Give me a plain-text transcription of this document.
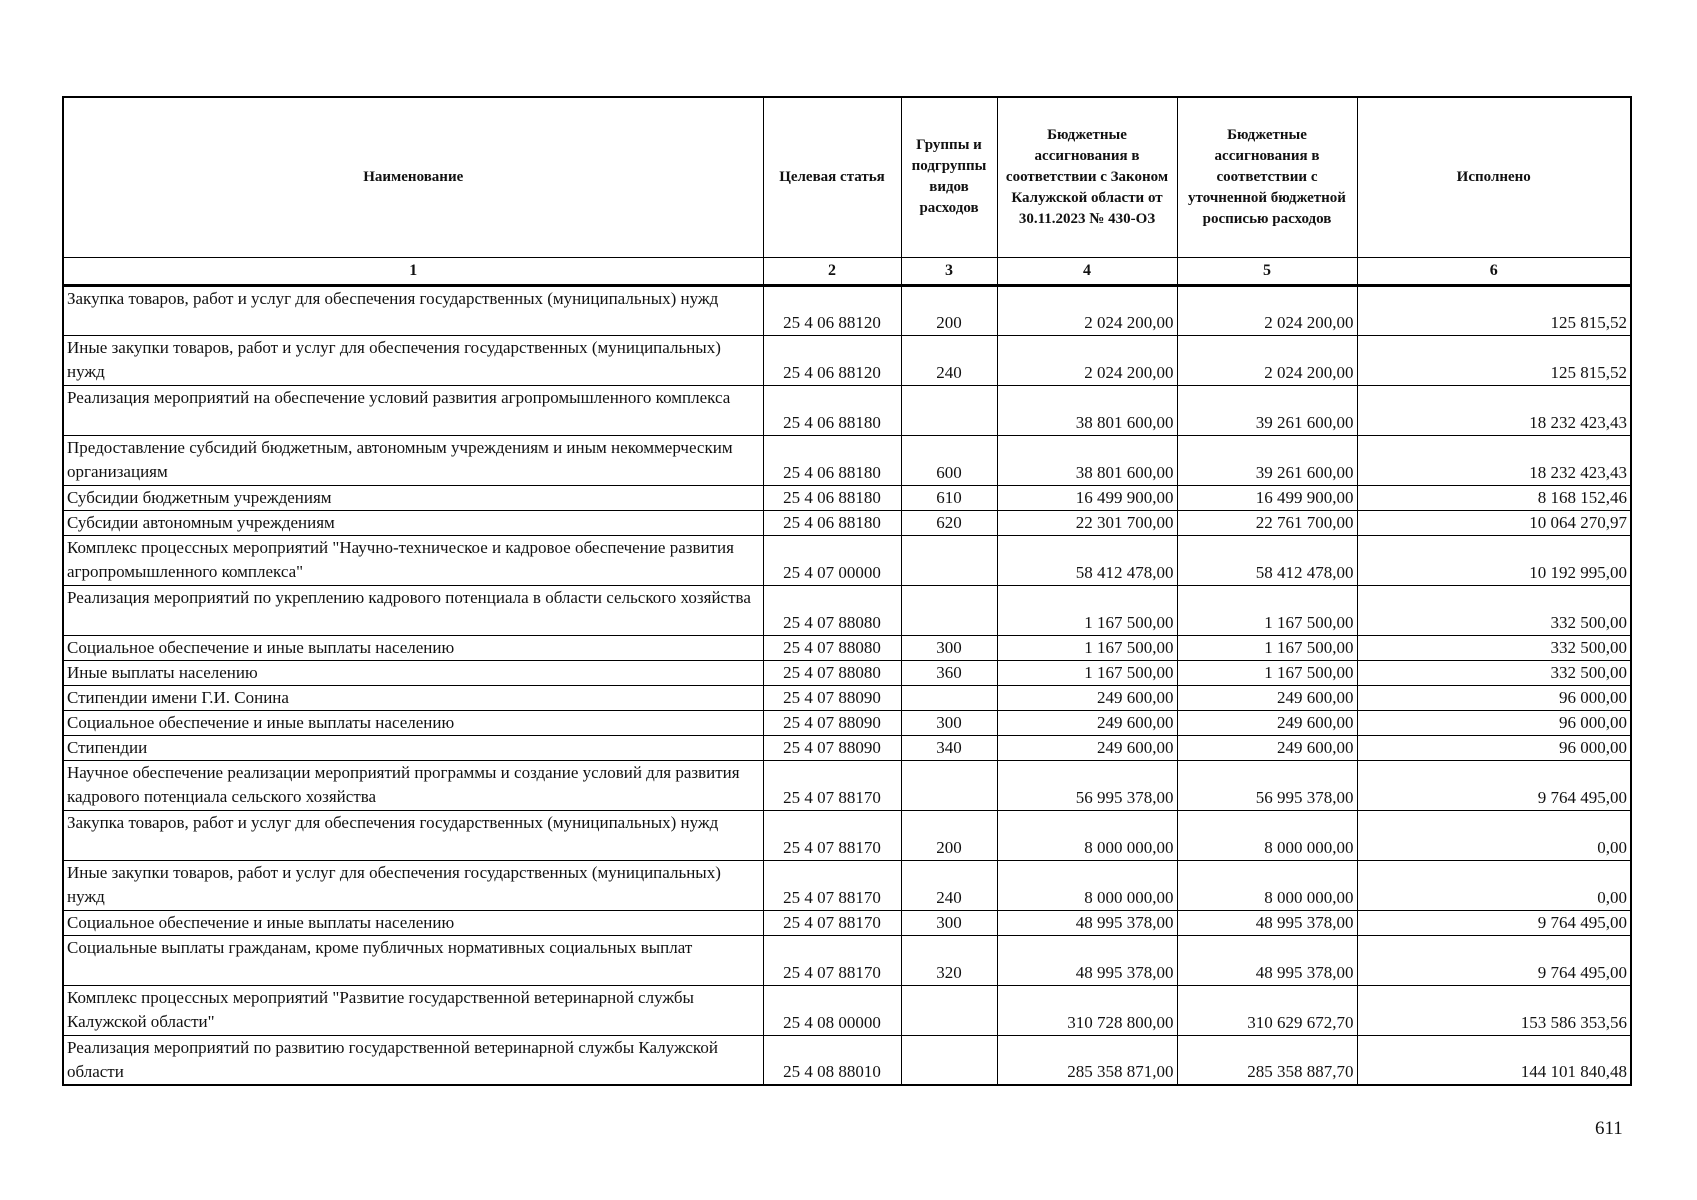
Наименование	Целевая статья	Группы и подгруппы видов расходов	Бюджетные ассигнования в соответствии с Законом Калужской области от 30.11.2023 № 430-ОЗ	Бюджетные ассигнования в соответствии с уточненной бюджетной росписью расходов	Исполнено
1	2	3	4	5	6
Закупка товаров, работ и услуг для обеспечения государственных (муниципальных) нужд	25 4 06 88120	200	2 024 200,00	2 024 200,00	125 815,52
Иные закупки товаров, работ и услуг для обеспечения государственных (муниципальных) нужд	25 4 06 88120	240	2 024 200,00	2 024 200,00	125 815,52
Реализация мероприятий на обеспечение условий развития агропромышленного комплекса	25 4 06 88180		38 801 600,00	39 261 600,00	18 232 423,43
Предоставление субсидий бюджетным, автономным учреждениям и иным некоммерческим организациям	25 4 06 88180	600	38 801 600,00	39 261 600,00	18 232 423,43
Субсидии бюджетным учреждениям	25 4 06 88180	610	16 499 900,00	16 499 900,00	8 168 152,46
Субсидии автономным учреждениям	25 4 06 88180	620	22 301 700,00	22 761 700,00	10 064 270,97
Комплекс процессных мероприятий "Научно-техническое и кадровое обеспечение развития агропромышленного комплекса"	25 4 07 00000		58 412 478,00	58 412 478,00	10 192 995,00
Реализация мероприятий по укреплению кадрового потенциала в области сельского хозяйства	25 4 07 88080		1 167 500,00	1 167 500,00	332 500,00
Социальное обеспечение и иные выплаты населению	25 4 07 88080	300	1 167 500,00	1 167 500,00	332 500,00
Иные выплаты населению	25 4 07 88080	360	1 167 500,00	1 167 500,00	332 500,00
Стипендии имени Г.И. Сонина	25 4 07 88090		249 600,00	249 600,00	96 000,00
Социальное обеспечение и иные выплаты населению	25 4 07 88090	300	249 600,00	249 600,00	96 000,00
Стипендии	25 4 07 88090	340	249 600,00	249 600,00	96 000,00
Научное обеспечение реализации мероприятий программы и создание условий для развития кадрового потенциала сельского хозяйства	25 4 07 88170		56 995 378,00	56 995 378,00	9 764 495,00
Закупка товаров, работ и услуг для обеспечения государственных (муниципальных) нужд	25 4 07 88170	200	8 000 000,00	8 000 000,00	0,00
Иные закупки товаров, работ и услуг для обеспечения государственных (муниципальных) нужд	25 4 07 88170	240	8 000 000,00	8 000 000,00	0,00
Социальное обеспечение и иные выплаты населению	25 4 07 88170	300	48 995 378,00	48 995 378,00	9 764 495,00
Социальные выплаты гражданам, кроме публичных нормативных социальных выплат	25 4 07 88170	320	48 995 378,00	48 995 378,00	9 764 495,00
Комплекс процессных мероприятий "Развитие государственной ветеринарной службы Калужской области"	25 4 08 00000		310 728 800,00	310 629 672,70	153 586 353,56
Реализация мероприятий по развитию государственной ветеринарной службы Калужской области	25 4 08 88010		285 358 871,00	285 358 887,70	144 101 840,48
611
